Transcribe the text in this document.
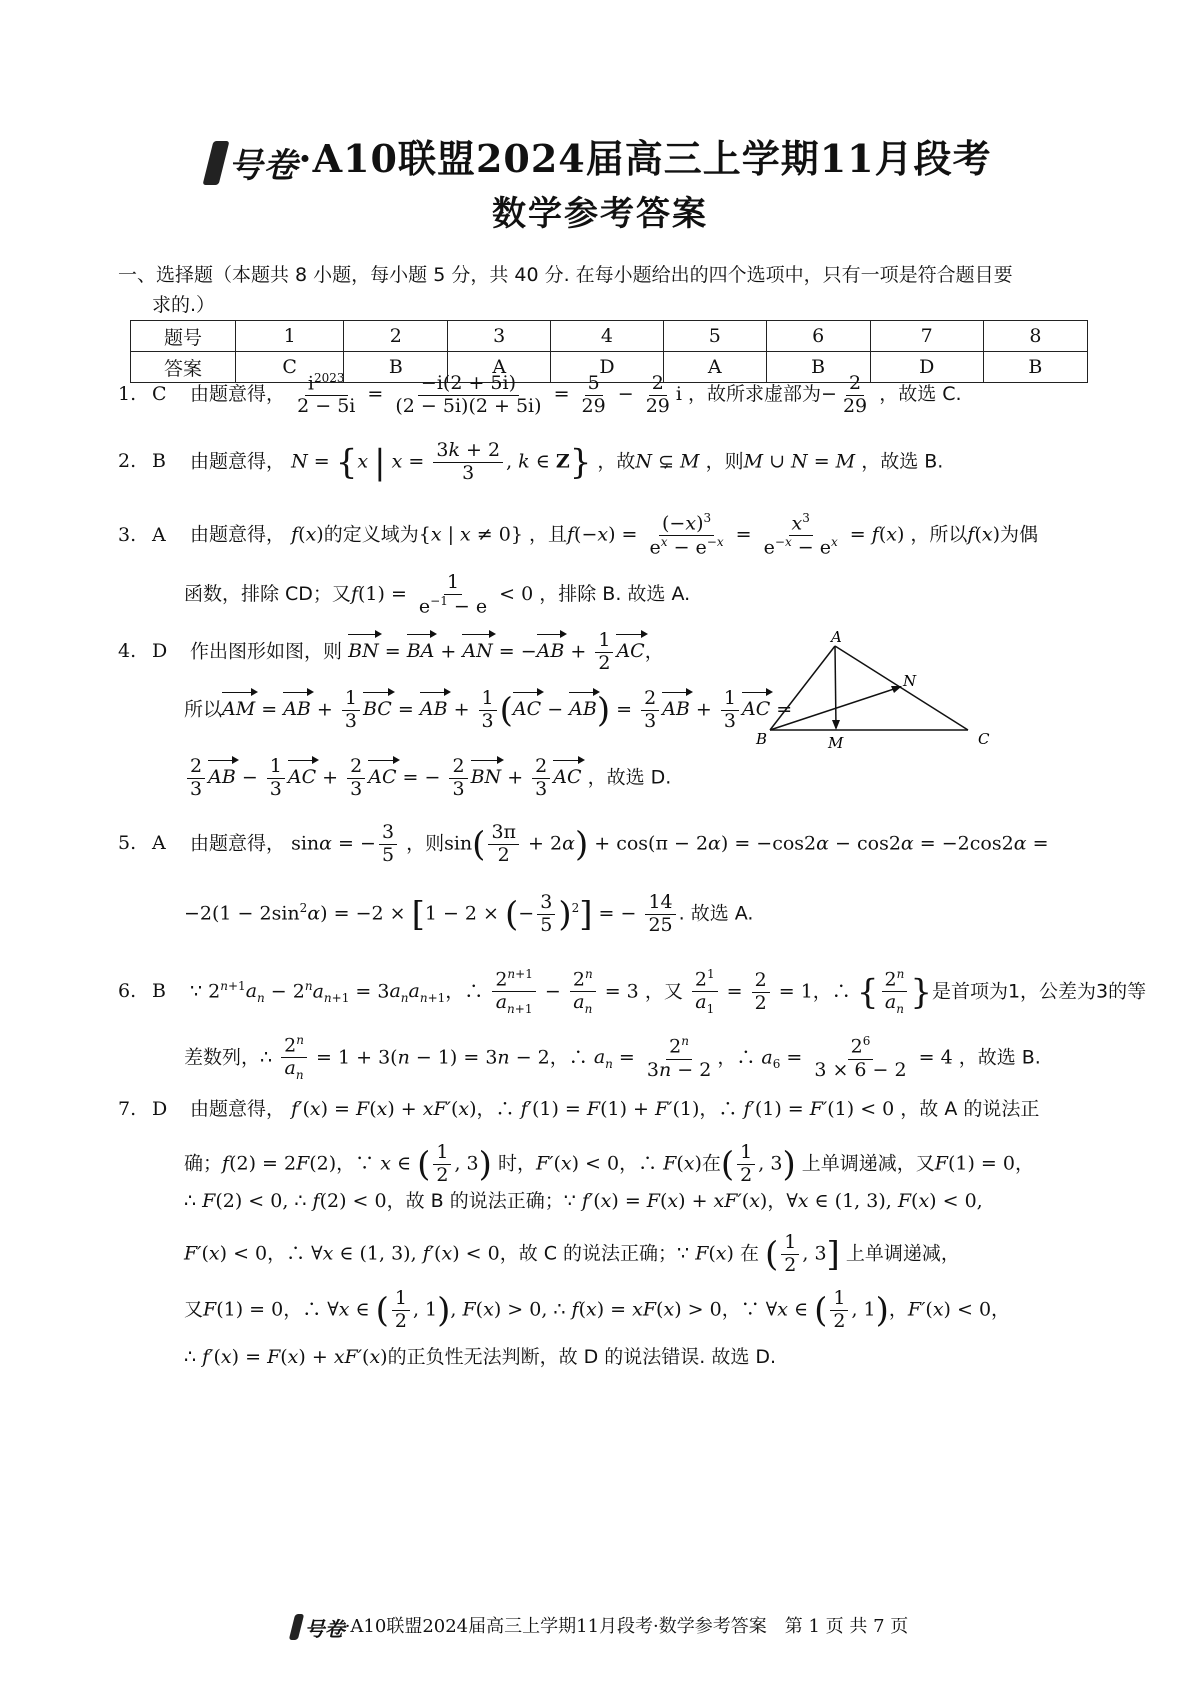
号卷 ·A10联盟2024届高三上学期11月段考
数学参考答案
一、选择题（本题共 8 小题，每小题 5 分，共 40 分. 在每小题给出的四个选项中，只有一项是符合题目要
求的.）
题号	1	2	3	4	5	6	7	8
答案	C	B	A	D	A	B	D	B
1. C 由题意得， $\frac{i^{2023}}{2 - 5i} = \frac{-i(2 + 5i)}{(2 - 5i)(2 + 5i)} = \frac{5}{29} - \frac{2}{29}$ i ，故所求虚部为− $\frac{2}{29}$ ，故选 C.
2. B 由题意得， N = {x | $x = \frac{3k + 2}{3}$ , k ∈ Z} ，故N ⊊ M ，则M ∪ N = M ，故选 B.
3. A 由题意得， f(x)的定义域为{x | x ≠ 0} ，且$f(-x) = \frac{(-x)^3}{e^x - e^{-x}} = \frac{x^3}{e^{-x} - e^x} = f(x)$ ，所以f(x)为偶
函数，排除 CD；又$f(1) = \frac{1}{e^{-1} - e} < 0$ ，排除 B. 故选 A.
4. D 作出图形如图，则 BN = BA + AN = $-AB + \frac{1}{2}$ AC，
所以AM = AB + $\frac{1}{3}$ BC = AB + $\frac{1}{3} (AC - AB) = \frac{2}{3}$ AB + $\frac{1}{3}$ AC =
$\frac{2}{3}$ AB − $\frac{1}{3}$ AC + $\frac{2}{3}$ AC = − $\frac{2}{3}$ BN + $\frac{2}{3}$ AC ，故选 D.
A
N
B	M	C
5. A 由题意得， sinα = − $\frac{3}{5}$ ，则$\sin( \frac{3\pi}{2} + 2\alpha) + \cos(\pi - 2\alpha) = -\cos 2\alpha - \cos 2\alpha = -2\cos 2\alpha$ =
$-2(1 - 2\sin^2\alpha) = -2 \times [1 - 2$ × (− $\frac{3}{5} )^2$] = − $\frac{14}{25}$ . 故选 A.
6. B ∵ $2^{n+1}a_n - 2^na_{n+1} = 3a_na_{n+1}$，∴ $\frac{2^{n+1}}{a_{n+1}} - \frac{2^n}{a_n} = 3$ ，又 $\frac{2^1}{a_1} = \frac{2}{2} = 1$，∴ { $\frac{2^n}{a_n}$ }是首项为1，公差为3的等
差数列，∴ $\frac{2^n}{a_n} = 1 + 3(n - 1) = 3n - 2$，∴ $a_n = \frac{2^n}{3n - 2}$ ，∴ $a_6 = \frac{2^6}{3 \times 6 - 2} = 4$ ，故选 B.
7. D 由题意得， f′(x) = F(x) + xF′(x)，∴ f′(1) = F(1) + F′(1)，∴ f′(1) = F′(1) < 0 ，故 A 的说法正
确；f(2) = 2F(2)，∵ x ∈ ( $\frac{1}{2}$ , 3) 时，F′(x) < 0，∴ F(x)在( $\frac{1}{2}$ , 3) 上单调递减，又F(1) = 0，
∴ F(2) < 0, ∴ f(2) < 0，故 B 的说法正确；∵ f′(x) = F(x) + xF′(x)，∀x ∈ (1, 3), F(x) < 0,
F′(x) < 0，∴ ∀x ∈ (1, 3), f′(x) < 0，故 C 的说法正确；∵ F(x) 在 ( $\frac{1}{2}$ , 3] 上单调递减，
又F(1) = 0，∴ ∀x ∈ ( $\frac{1}{2}$ , 1), F(x) > 0, ∴ f(x) = xF(x) > 0，∵ ∀x ∈ ( $\frac{1}{2}$ , 1)，F′(x) < 0，
∴ f′(x) = F(x) + xF′(x)的正负性无法判断，故 D 的说法错误. 故选 D.
号卷 ·A10联盟2024届高三上学期11月段考·数学参考答案　第 1 页 共 7 页
